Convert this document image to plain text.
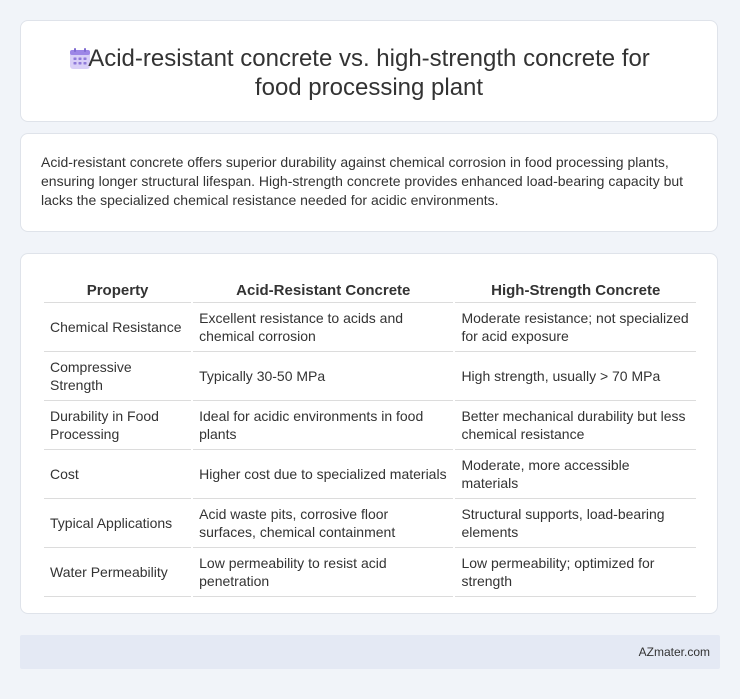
Acid-resistant concrete vs. high-strength concrete for food processing plant

Acid-resistant concrete offers superior durability against chemical corrosion in food processing plants, ensuring longer structural lifespan. High-strength concrete provides enhanced load-bearing capacity but lacks the specialized chemical resistance needed for acidic environments.

Property	Acid-Resistant Concrete	High-Strength Concrete
Chemical Resistance	Excellent resistance to acids and chemical corrosion	Moderate resistance; not specialized for acid exposure
Compressive Strength	Typically 30-50 MPa	High strength, usually > 70 MPa
Durability in Food Processing	Ideal for acidic environments in food plants	Better mechanical durability but less chemical resistance
Cost	Higher cost due to specialized materials	Moderate, more accessible materials
Typical Applications	Acid waste pits, corrosive floor surfaces, chemical containment	Structural supports, load-bearing elements
Water Permeability	Low permeability to resist acid penetration	Low permeability; optimized for strength
AZmater.com
